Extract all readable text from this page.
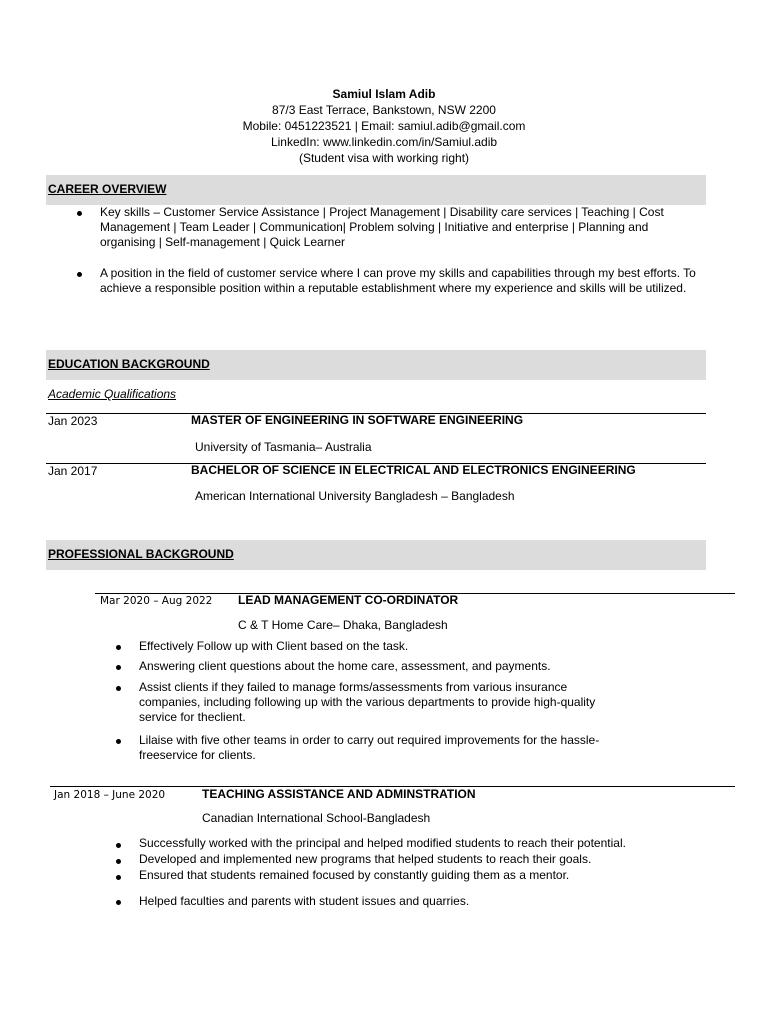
Samiul Islam Adib
87/3 East Terrace, Bankstown, NSW 2200
Mobile: 0451223521 | Email: samiul.adib@gmail.com
LinkedIn: www.linkedin.com/in/Samiul.adib
(Student visa with working right)
CAREER OVERVIEW
Key skills – Customer Service Assistance | Project Management | Disability care services | Teaching | Cost Management | Team Leader | Communication| Problem solving | Initiative and enterprise | Planning and organising | Self-management | Quick Learner
A position in the field of customer service where I can prove my skills and capabilities through my best efforts. To achieve a responsible position within a reputable establishment where my experience and skills will be utilized.
EDUCATION BACKGROUND
Academic Qualifications
Jan 2023	MASTER OF ENGINEERING IN SOFTWARE ENGINEERING
University of Tasmania– Australia
Jan 2017	BACHELOR OF SCIENCE IN ELECTRICAL AND ELECTRONICS ENGINEERING
American International University Bangladesh – Bangladesh
PROFESSIONAL BACKGROUND
Mar 2020 – Aug 2022 LEAD MANAGEMENT CO-ORDINATOR
C & T Home Care– Dhaka, Bangladesh
Effectively Follow up with Client based on the task.
Answering client questions about the home care, assessment, and payments.
Assist clients if they failed to manage forms/assessments from various insurance companies, including following up with the various departments to provide high-quality service for theclient.
Lilaise with five other teams in order to carry out required improvements for the hassle-freeservice for clients.
Jan 2018 – June 2020	TEACHING ASSISTANCE AND ADMINSTRATION
Canadian International School-Bangladesh
Successfully worked with the principal and helped modified students to reach their potential.
Developed and implemented new programs that helped students to reach their goals.
Ensured that students remained focused by constantly guiding them as a mentor.
Helped faculties and parents with student issues and quarries.
